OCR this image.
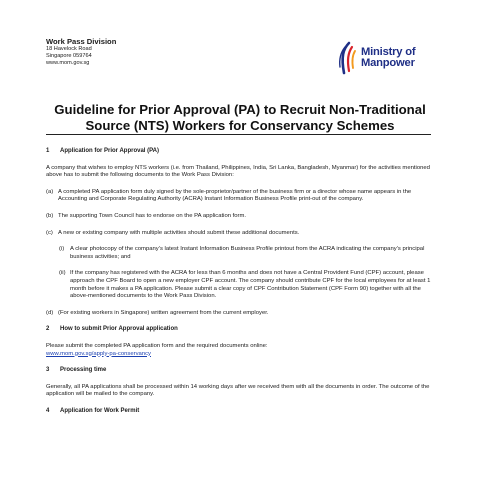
Work Pass Division
18 Havelock Road
Singapore 059764
www.mom.gov.sg
Ministry of
Manpower
Guideline for Prior Approval (PA) to Recruit Non-Traditional
Source (NTS) Workers for Conservancy Schemes
1 Application for Prior Approval (PA)
A company that wishes to employ NTS workers (i.e. from Thailand, Philippines, India, Sri Lanka, Bangladesh, Myanmar) for the activities mentioned above has to submit the following documents to the Work Pass Division:
(a) A completed PA application form duly signed by the sole-proprietor/partner of the business firm or a director whose name appears in the Accounting and Corporate Regulating Authority (ACRA) Instant Information Business Profile print-out of the company.
(b) The supporting Town Council has to endorse on the PA application form.
(c) A new or existing company with multiple activities should submit these additional documents.
(i) A clear photocopy of the company’s latest Instant Information Business Profile printout from the ACRA indicating the company’s principal business activities; and
(ii) If the company has registered with the ACRA for less than 6 months and does not have a Central Provident Fund (CPF) account, please approach the CPF Board to open a new employer CPF account. The company should contribute CPF for the local employees for at least 1 month before it makes a PA application. Please submit a clear copy of CPF Contribution Statement (CPF Form 90) together with all the above-mentioned documents to the Work Pass Division.
(d) (For existing workers in Singapore) written agreement from the current employer.
2 How to submit Prior Approval application
Please submit the completed PA application form and the required documents online:
www.mom.gov.sg/apply-pa-conservancy
3 Processing time
Generally, all PA applications shall be processed within 14 working days after we received them with all the documents in order. The outcome of the application will be mailed to the company.
4 Application for Work Permit
